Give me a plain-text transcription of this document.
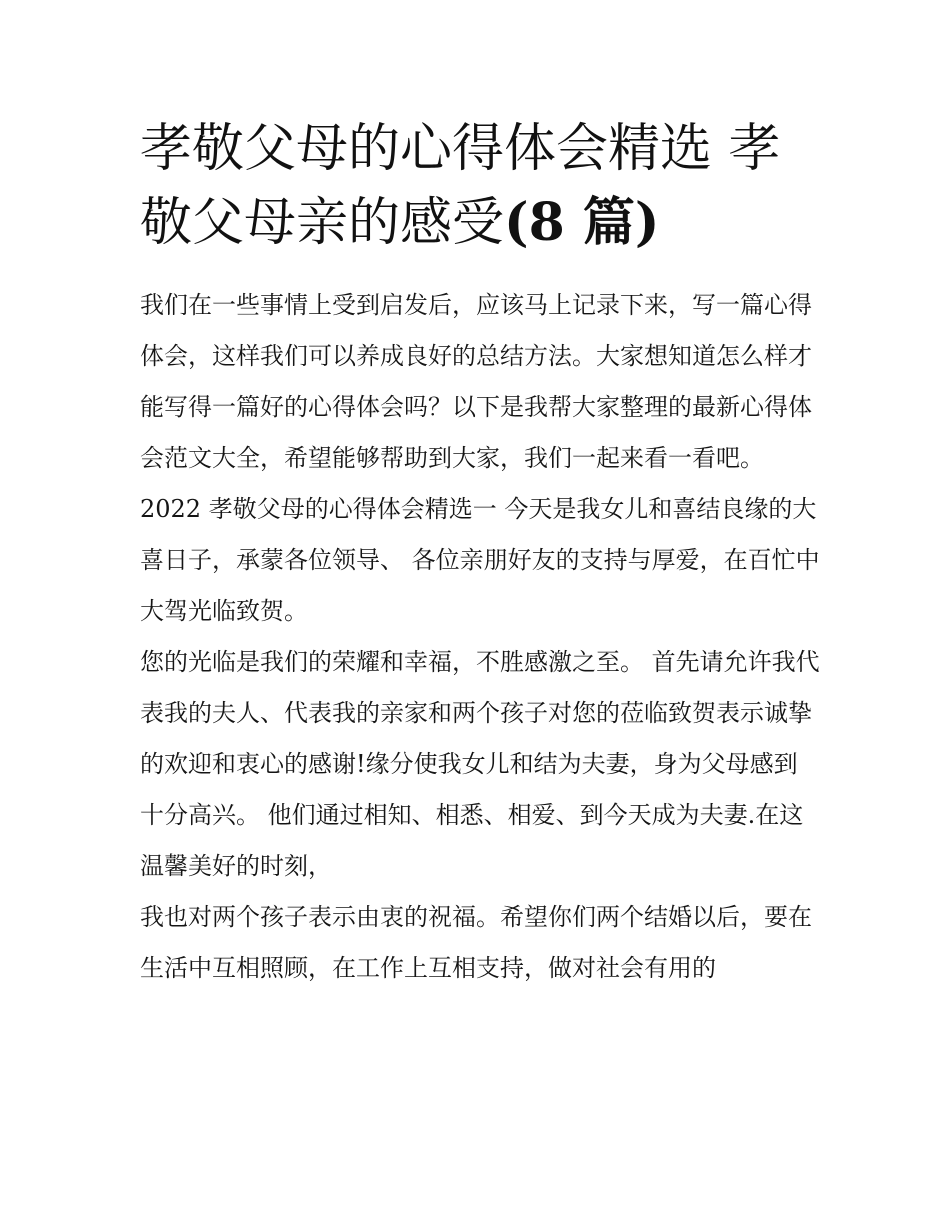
孝敬父母的心得体会精选 孝敬父母亲的感受(8 篇)

我们在一些事情上受到启发后，应该马上记录下来，写一篇心得体会，这样我们可以养成良好的总结方法。大家想知道怎么样才能写得一篇好的心得体会吗？以下是我帮大家整理的最新心得体会范文大全，希望能够帮助到大家，我们一起来看一看吧。

2022 孝敬父母的心得体会精选一 今天是我女儿和喜结良缘的大喜日子，承蒙各位领导、 各位亲朋好友的支持与厚爱，在百忙中大驾光临致贺。

您的光临是我们的荣耀和幸福，不胜感激之至。 首先请允许我代表我的夫人、代表我的亲家和两个孩子对您的莅临致贺表示诚挚

的欢迎和衷心的感谢!缘分使我女儿和结为夫妻，身为父母感到十分高兴。 他们通过相知、相悉、相爱、到今天成为夫妻.在这温馨美好的时刻，

我也对两个孩子表示由衷的祝福。希望你们两个结婚以后，要在生活中互相照顾，在工作上互相支持，做对社会有用的
